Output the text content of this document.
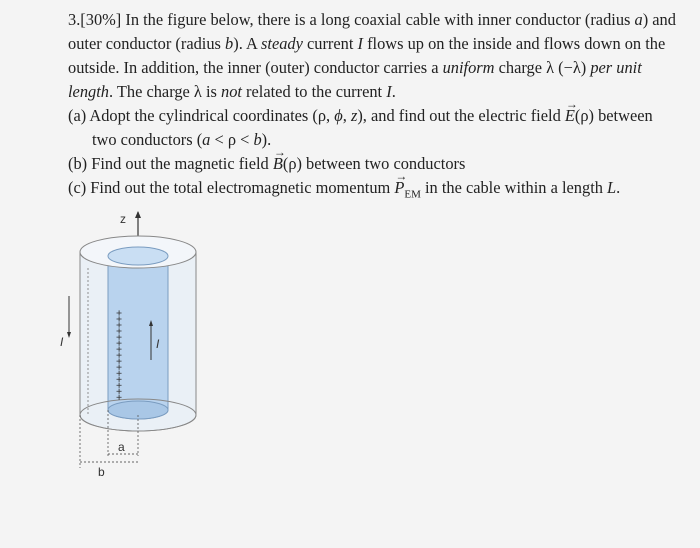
3.[30%] In the figure below, there is a long coaxial cable with inner conductor (radius a) and
outer conductor (radius b). A steady current I flows up on the inside and flows down on the
outside. In addition, the inner (outer) conductor carries a uniform charge λ (−λ) per unit
length. The charge λ is not related to the current I.
(a) Adopt the cylindrical coordinates (ρ, ϕ, z), and find out the electric field → E(ρ) between
two conductors (a < ρ < b).
(b) Find out the magnetic field → B(ρ) between two conductors
(c) Find out the total electromagnetic momentum → $P_{EM}$ in the cable within a length L.
z
+++++++++++++++	I
I
a
b
